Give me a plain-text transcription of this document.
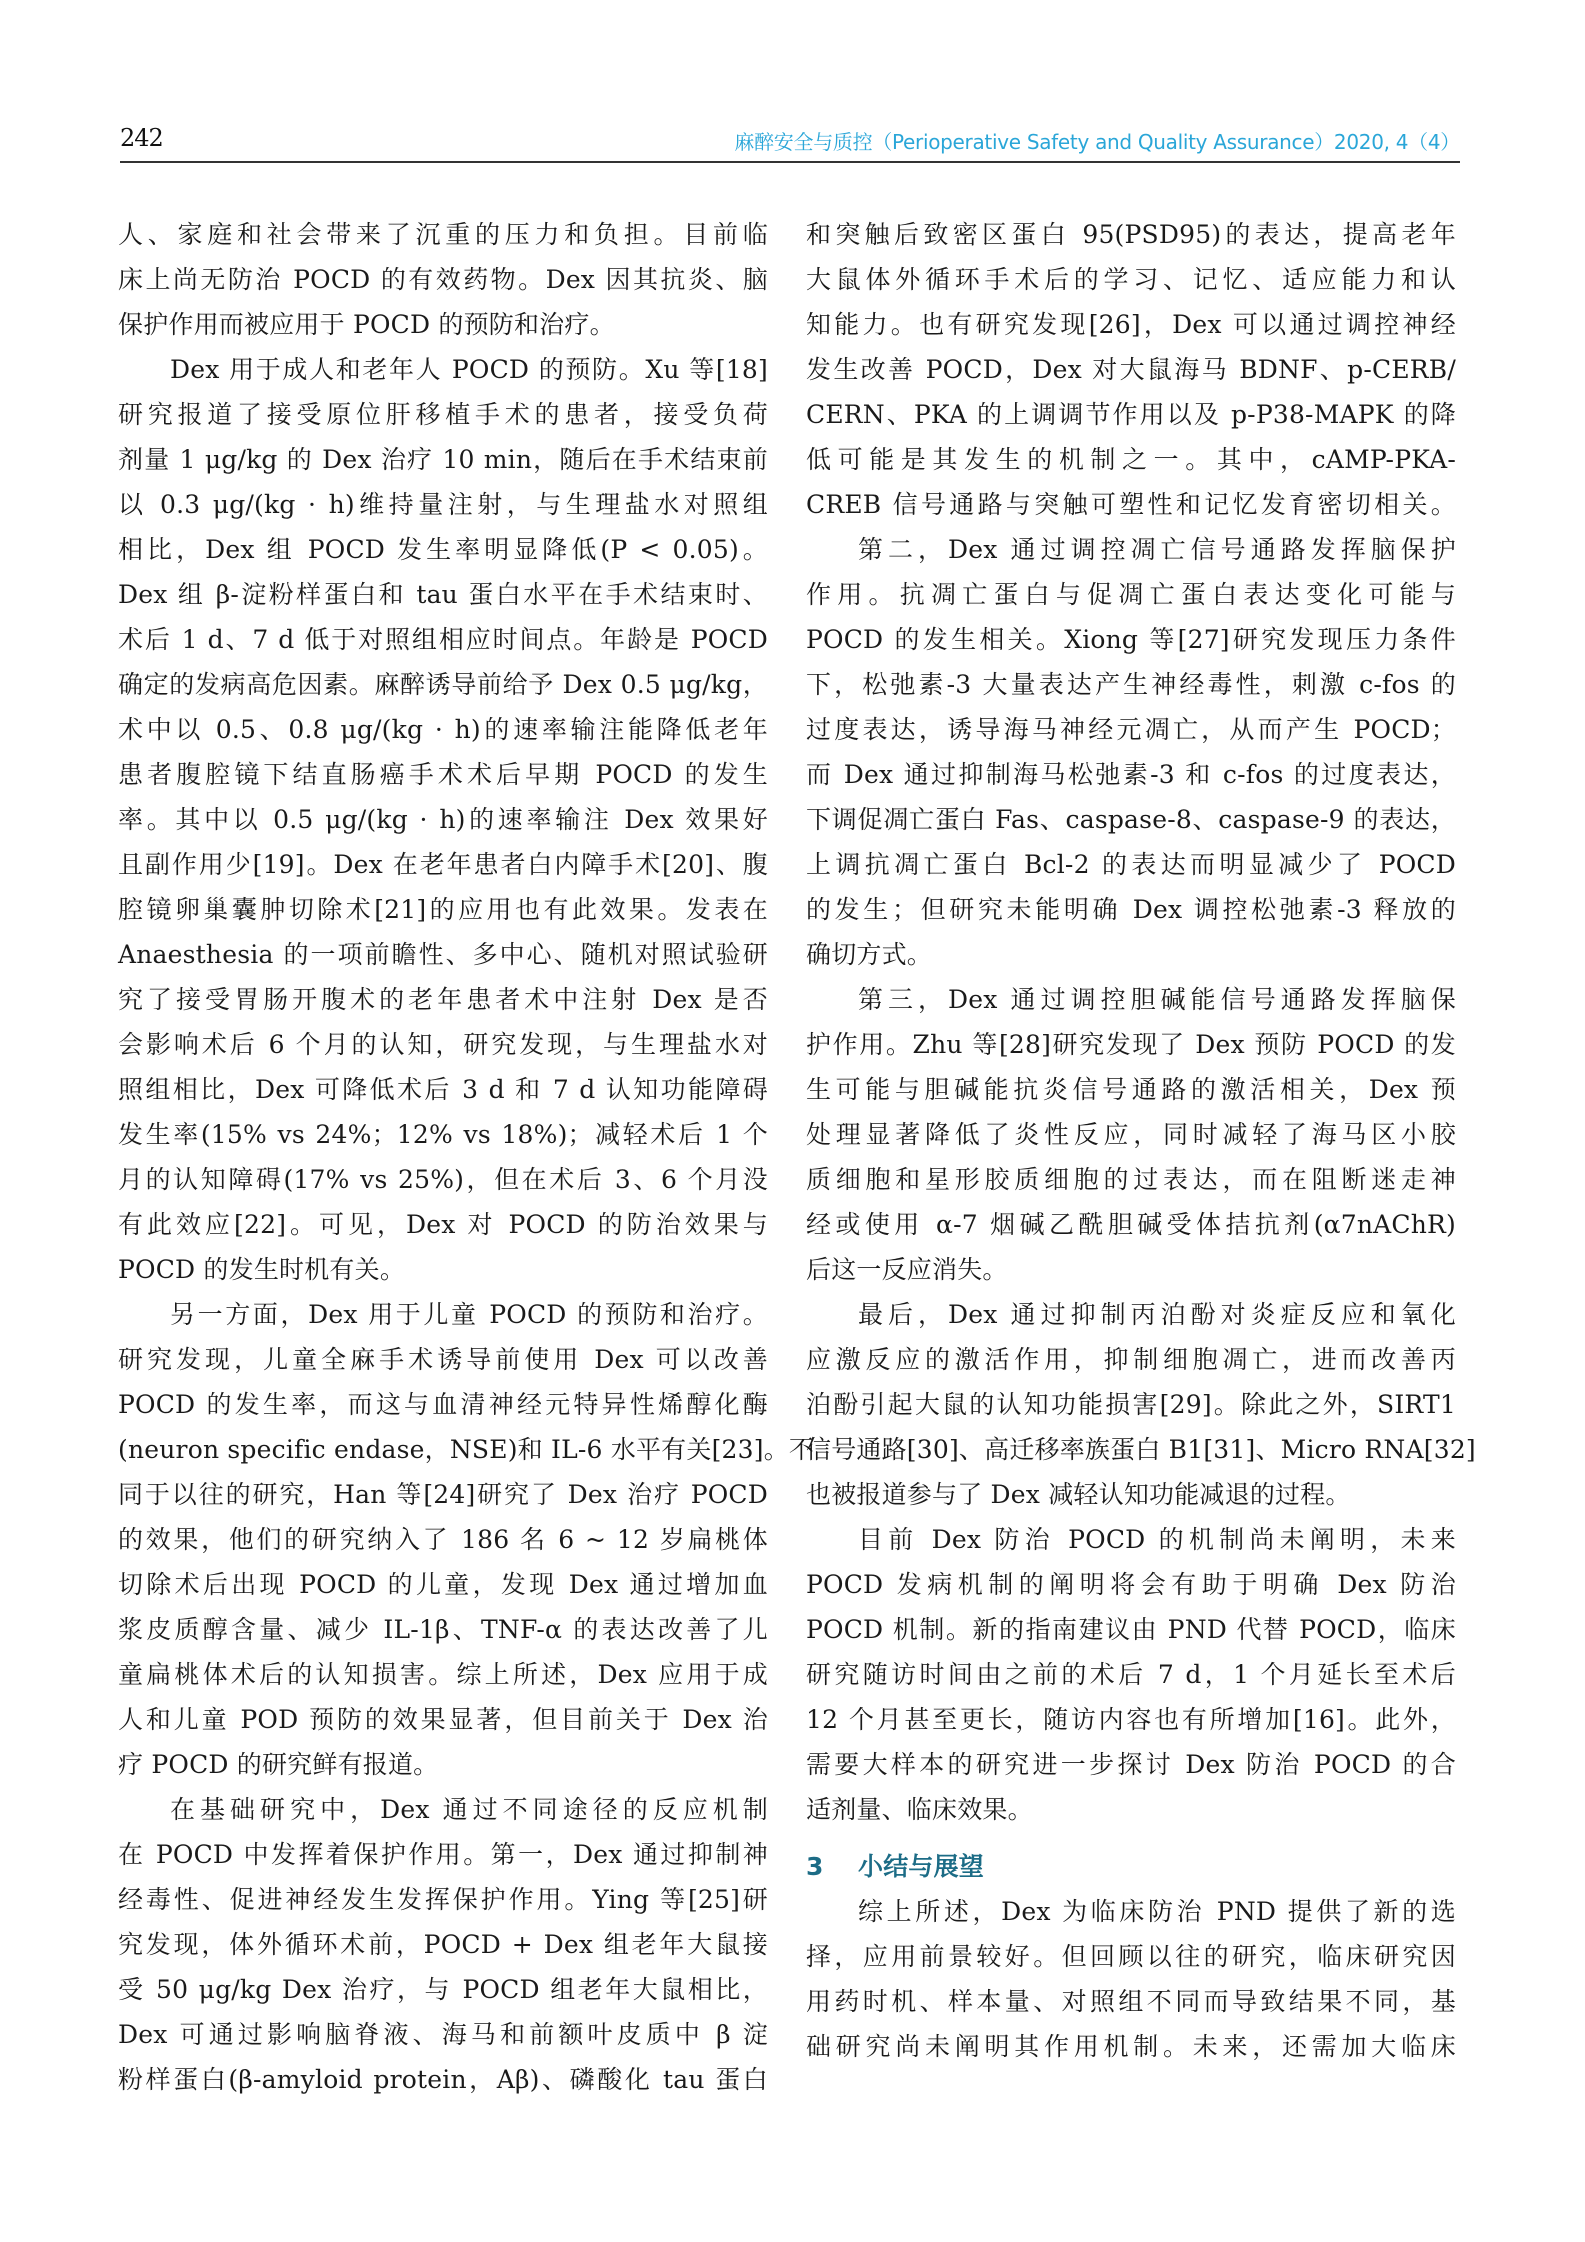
242	麻醉安全与质控（Perioperative Safety and Quality Assurance）2020, 4（4）
人、家庭和社会带来了沉重的压力和负担。目前临
床上尚无防治 POCD 的有效药物。Dex 因其抗炎、脑
保护作用而被应用于 POCD 的预防和治疗。
Dex 用于成人和老年人 POCD 的预防。Xu 等[18]
研究报道了接受原位肝移植手术的患者，接受负荷
剂量 1 μg/kg 的 Dex 治疗 10 min，随后在手术结束前
以 0.3 μg/(kg · h)维持量注射，与生理盐水对照组
相比，Dex 组 POCD 发生率明显降低(P < 0.05)。
Dex 组 β-淀粉样蛋白和 tau 蛋白水平在手术结束时、
术后 1 d、7 d 低于对照组相应时间点。年龄是 POCD
确定的发病高危因素。麻醉诱导前给予 Dex 0.5 μg/kg，
术中以 0.5、0.8 μg/(kg · h)的速率输注能降低老年
患者腹腔镜下结直肠癌手术术后早期 POCD 的发生
率。其中以 0.5 μg/(kg · h)的速率输注 Dex 效果好
且副作用少[19]。Dex 在老年患者白内障手术[20]、腹
腔镜卵巢囊肿切除术[21]的应用也有此效果。发表在
Anaesthesia 的一项前瞻性、多中心、随机对照试验研
究了接受胃肠开腹术的老年患者术中注射 Dex 是否
会影响术后 6 个月的认知，研究发现，与生理盐水对
照组相比，Dex 可降低术后 3 d 和 7 d 认知功能障碍
发生率(15% vs 24%；12% vs 18%)；减轻术后 1 个
月的认知障碍(17% vs 25%)，但在术后 3、6 个月没
有此效应[22]。可见，Dex 对 POCD 的防治效果与
POCD 的发生时机有关。
另一方面，Dex 用于儿童 POCD 的预防和治疗。
研究发现，儿童全麻手术诱导前使用 Dex 可以改善
POCD 的发生率，而这与血清神经元特异性烯醇化酶
(neuron specific endase，NSE)和 IL-6 水平有关[23]。不
同于以往的研究，Han 等[24]研究了 Dex 治疗 POCD
的效果，他们的研究纳入了 186 名 6 ~ 12 岁扁桃体
切除术后出现 POCD 的儿童，发现 Dex 通过增加血
浆皮质醇含量、减少 IL-1β、TNF-α 的表达改善了儿
童扁桃体术后的认知损害。综上所述，Dex 应用于成
人和儿童 POD 预防的效果显著，但目前关于 Dex 治
疗 POCD 的研究鲜有报道。
在基础研究中，Dex 通过不同途径的反应机制
在 POCD 中发挥着保护作用。第一，Dex 通过抑制神
经毒性、促进神经发生发挥保护作用。Ying 等[25]研
究发现，体外循环术前，POCD + Dex 组老年大鼠接
受 50 μg/kg Dex 治疗，与 POCD 组老年大鼠相比，
Dex 可通过影响脑脊液、海马和前额叶皮质中 β 淀
粉样蛋白(β-amyloid protein，Aβ)、磷酸化 tau 蛋白
和突触后致密区蛋白 95(PSD95)的表达，提高老年
大鼠体外循环手术后的学习、记忆、适应能力和认
知能力。也有研究发现[26]，Dex 可以通过调控神经
发生改善 POCD，Dex 对大鼠海马 BDNF、p-CERB/
CERN、PKA 的上调调节作用以及 p-P38-MAPK 的降
低可能是其发生的机制之一。其中，cAMP-PKA-
CREB 信号通路与突触可塑性和记忆发育密切相关。
第二，Dex 通过调控凋亡信号通路发挥脑保护
作用。抗凋亡蛋白与促凋亡蛋白表达变化可能与
POCD 的发生相关。Xiong 等[27]研究发现压力条件
下，松弛素-3 大量表达产生神经毒性，刺激 c-fos 的
过度表达，诱导海马神经元凋亡，从而产生 POCD；
而 Dex 通过抑制海马松弛素-3 和 c-fos 的过度表达，
下调促凋亡蛋白 Fas、caspase-8、caspase-9 的表达，
上调抗凋亡蛋白 Bcl-2 的表达而明显减少了 POCD
的发生；但研究未能明确 Dex 调控松弛素-3 释放的
确切方式。
第三，Dex 通过调控胆碱能信号通路发挥脑保
护作用。Zhu 等[28]研究发现了 Dex 预防 POCD 的发
生可能与胆碱能抗炎信号通路的激活相关，Dex 预
处理显著降低了炎性反应，同时减轻了海马区小胶
质细胞和星形胶质细胞的过表达，而在阻断迷走神
经或使用 α-7 烟碱乙酰胆碱受体拮抗剂(α7nAChR)
后这一反应消失。
最后，Dex 通过抑制丙泊酚对炎症反应和氧化
应激反应的激活作用，抑制细胞凋亡，进而改善丙
泊酚引起大鼠的认知功能损害[29]。除此之外，SIRT1
信号通路[30]、高迁移率族蛋白 B1[31]、Micro RNA[32]
也被报道参与了 Dex 减轻认知功能减退的过程。
目前 Dex 防治 POCD 的机制尚未阐明，未来
POCD 发病机制的阐明将会有助于明确 Dex 防治
POCD 机制。新的指南建议由 PND 代替 POCD，临床
研究随访时间由之前的术后 7 d，1 个月延长至术后
12 个月甚至更长，随访内容也有所增加[16]。此外，
需要大样本的研究进一步探讨 Dex 防治 POCD 的合
适剂量、临床效果。
3 小结与展望
综上所述，Dex 为临床防治 PND 提供了新的选
择，应用前景较好。但回顾以往的研究，临床研究因
用药时机、样本量、对照组不同而导致结果不同，基
础研究尚未阐明其作用机制。未来，还需加大临床
